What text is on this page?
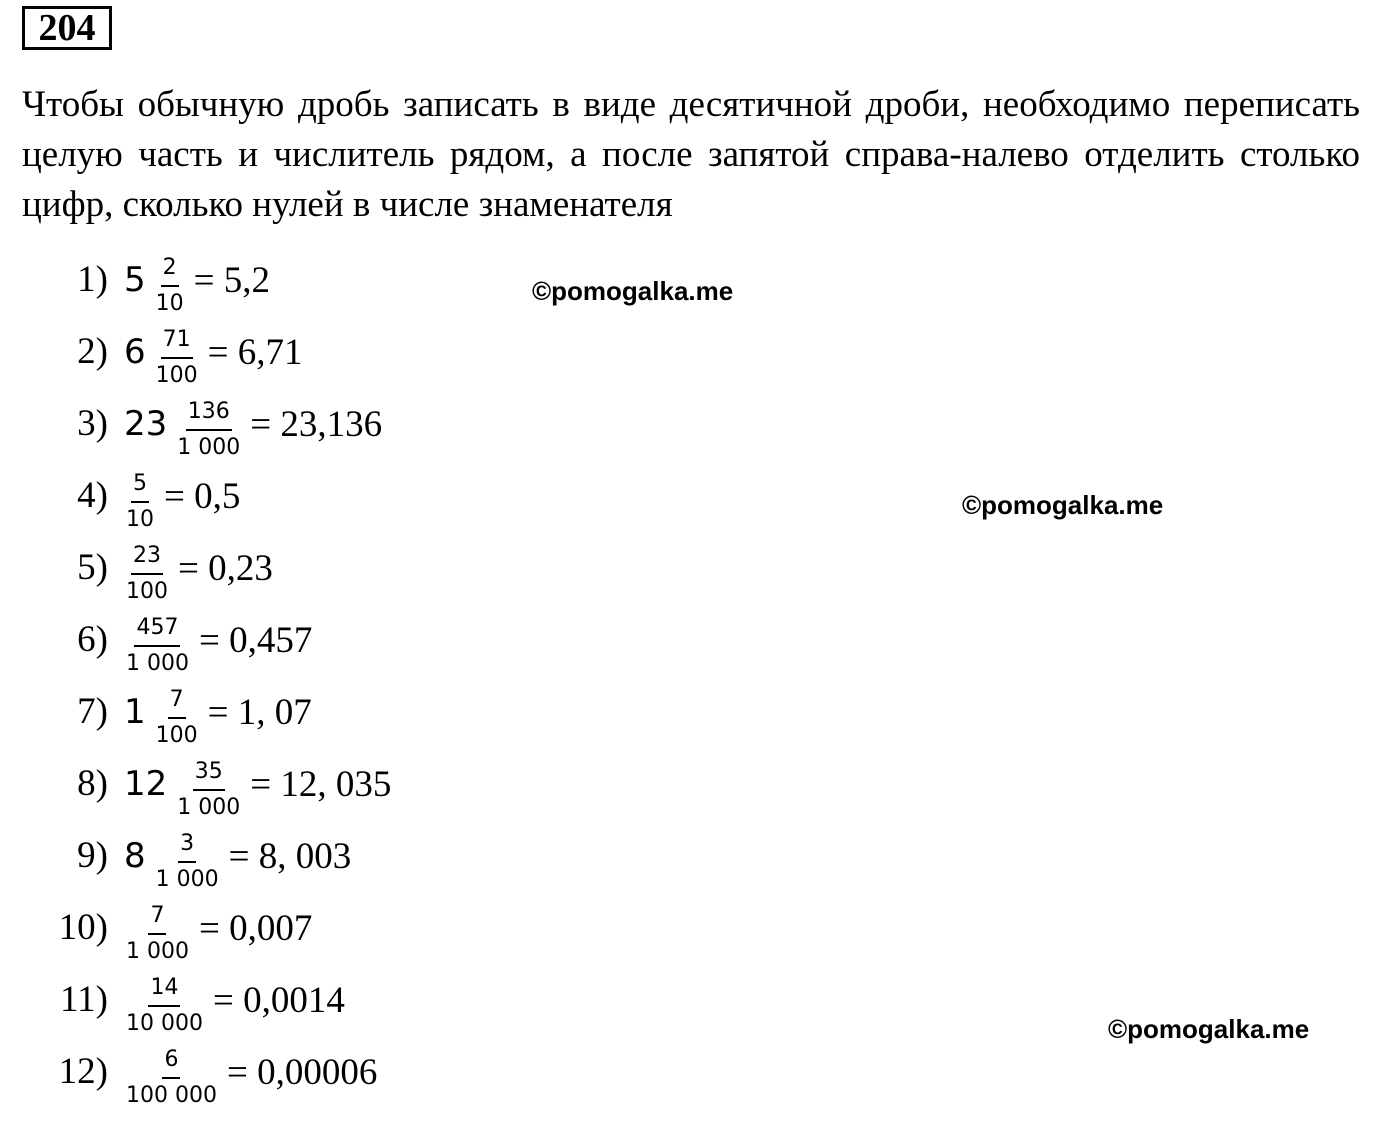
204

Чтобы обычную дробь записать в виде десятичной дроби, необходимо переписать целую часть и числитель рядом, а после запятой справа-налево отделить столько цифр, сколько нулей в числе знаменателя

1) $5 \frac{2}{10} = 5,2$
2) $6 \frac{71}{100} = 6,71$
3) $23 \frac{136}{1 000} = 23,136$
$4) \frac{5}{10} = 0,5$
$5) \frac{23}{100} = 0,23$
$6) \frac{457}{1 000} = 0,457$
7) $1 \frac{7}{100} = 1$, 07
8) $12 \frac{35}{1 000} = 12$, 035
9) $8 \frac{3}{1 000} = 8$, 003
$10) \frac{7}{1 000} = 0,007$
$11) \frac{14}{10 000} = 0,0014$
$12) \frac{6}{100 000} = 0,00006$
©pomogalka.me
©pomogalka.me
©pomogalka.me
